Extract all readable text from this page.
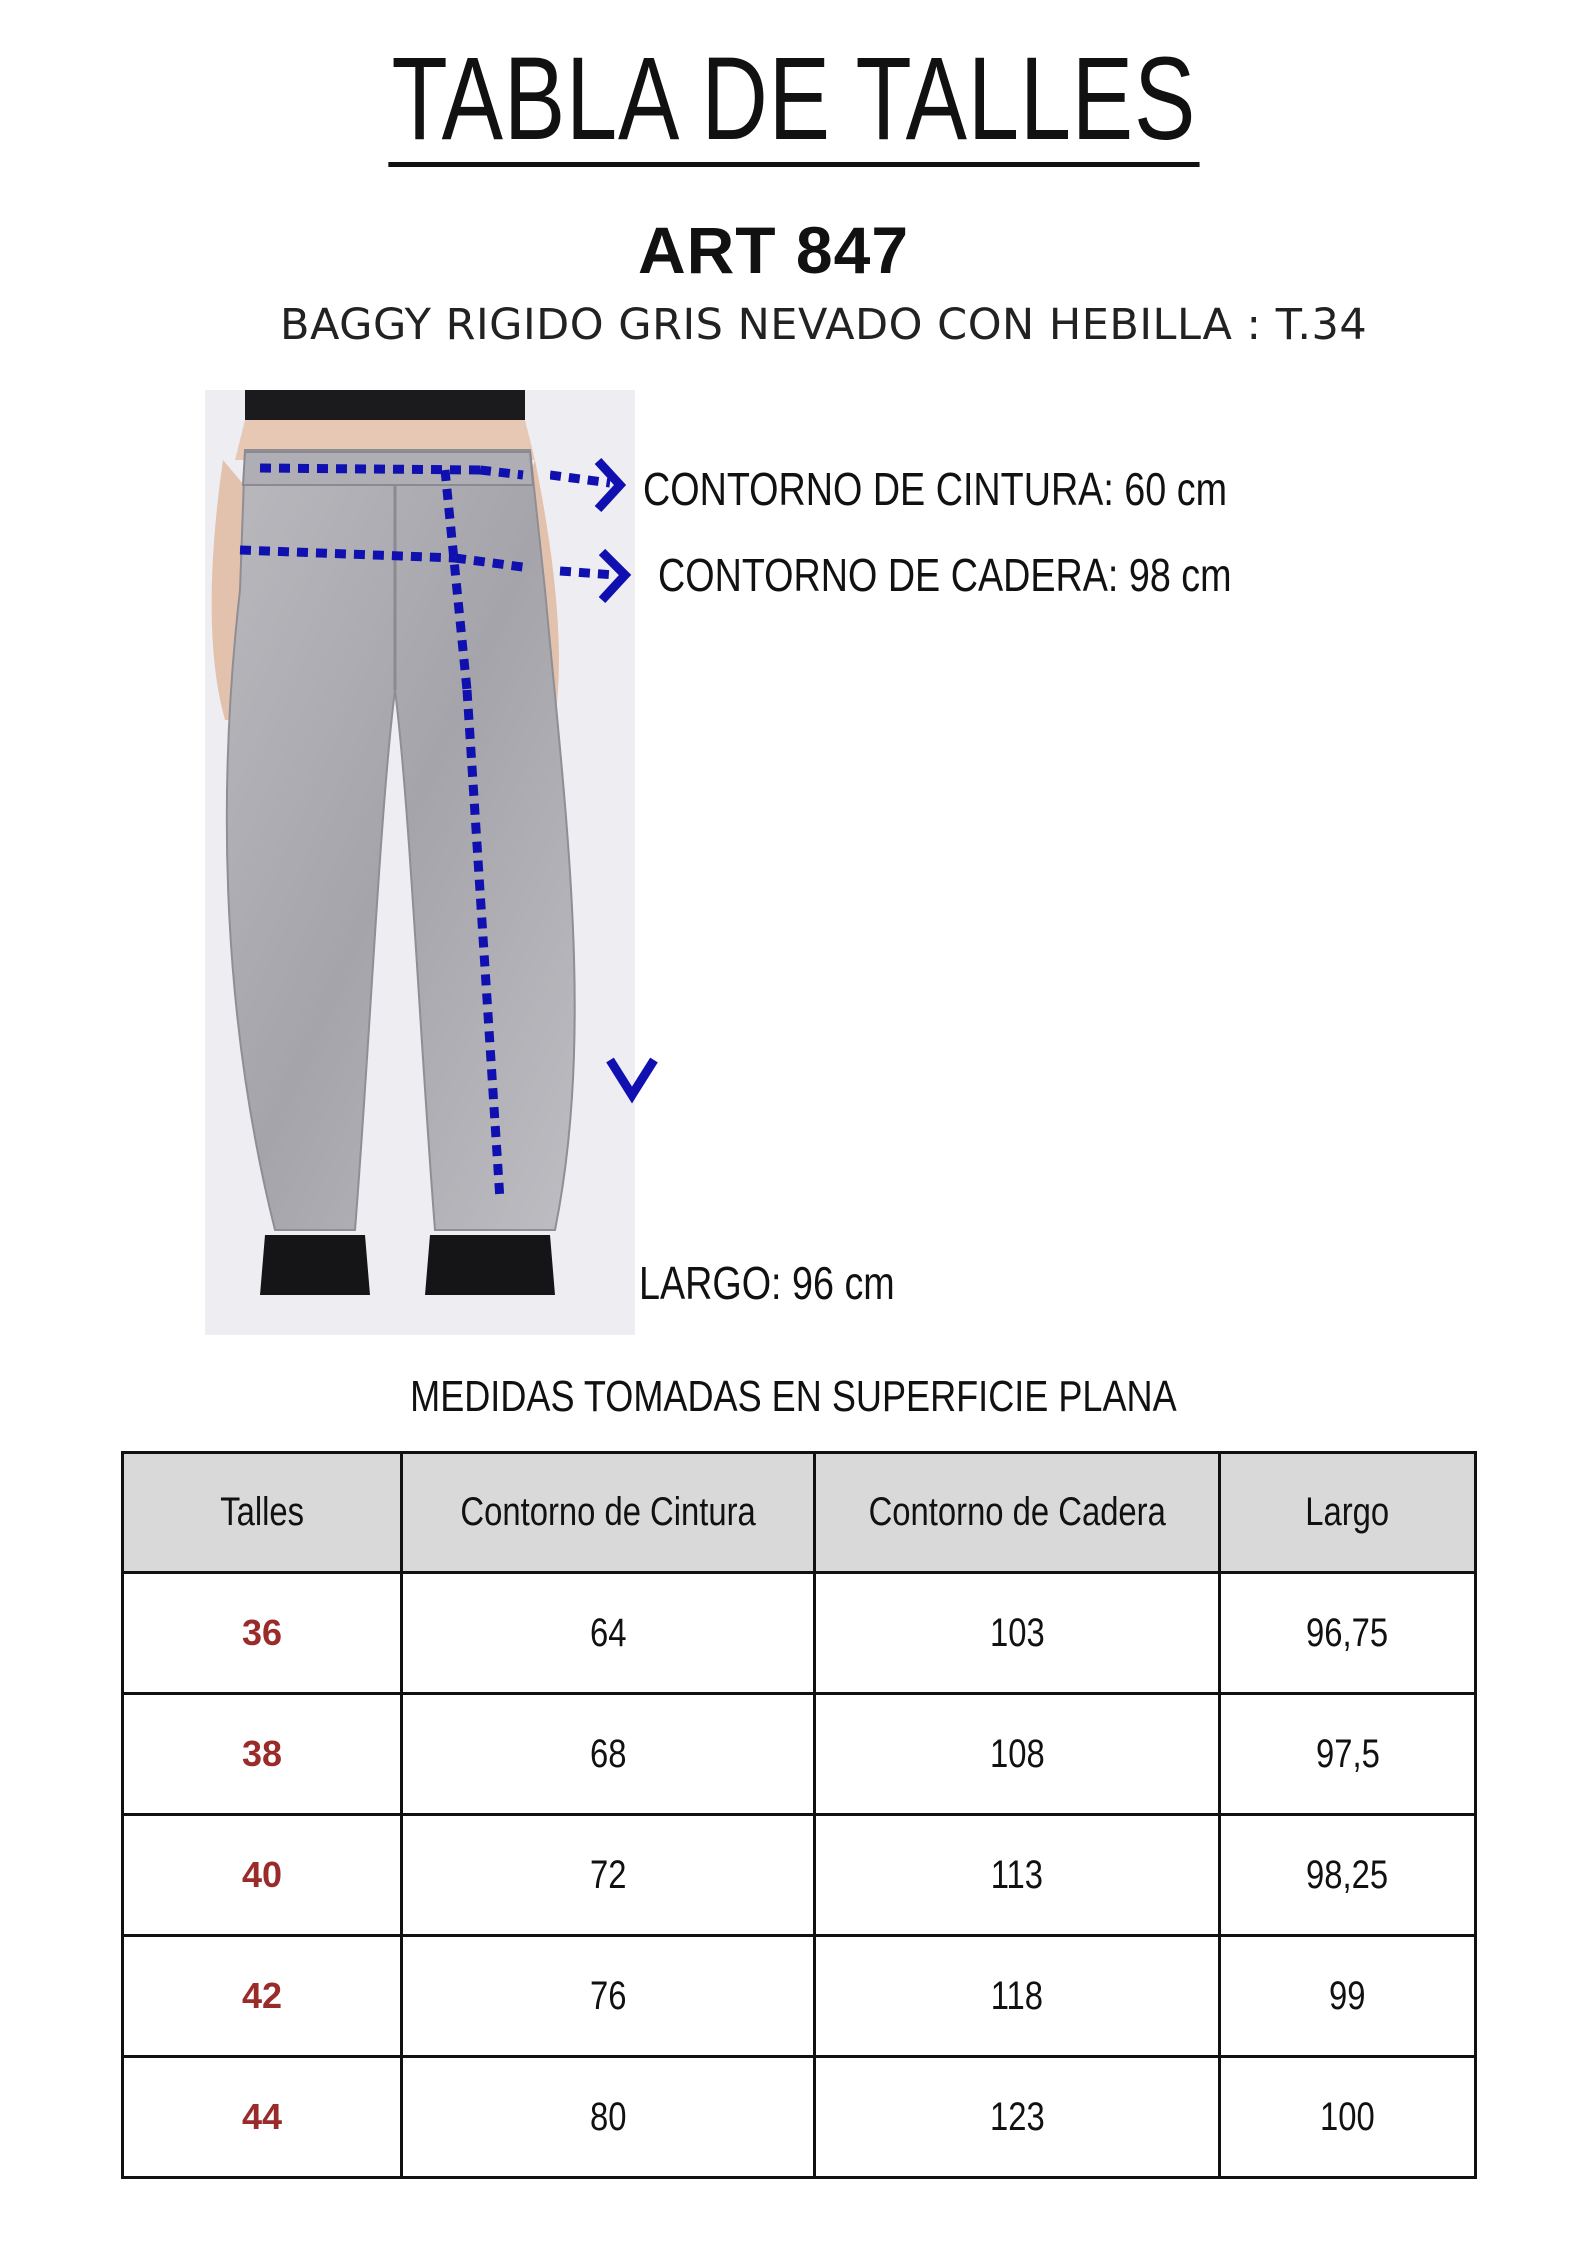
TABLA DE TALLES
ART 847
BAGGY RIGIDO GRIS NEVADO CON HEBILLA : T.34
CONTORNO DE CINTURA: 60 cm
CONTORNO DE CADERA: 98 cm
LARGO: 96 cm
MEDIDAS TOMADAS EN SUPERFICIE PLANA
Talles	Contorno de Cintura	Contorno de Cadera	Largo
36	64	103	96,75
38	68	108	97,5
40	72	113	98,25
42	76	118	99
44	80	123	100
